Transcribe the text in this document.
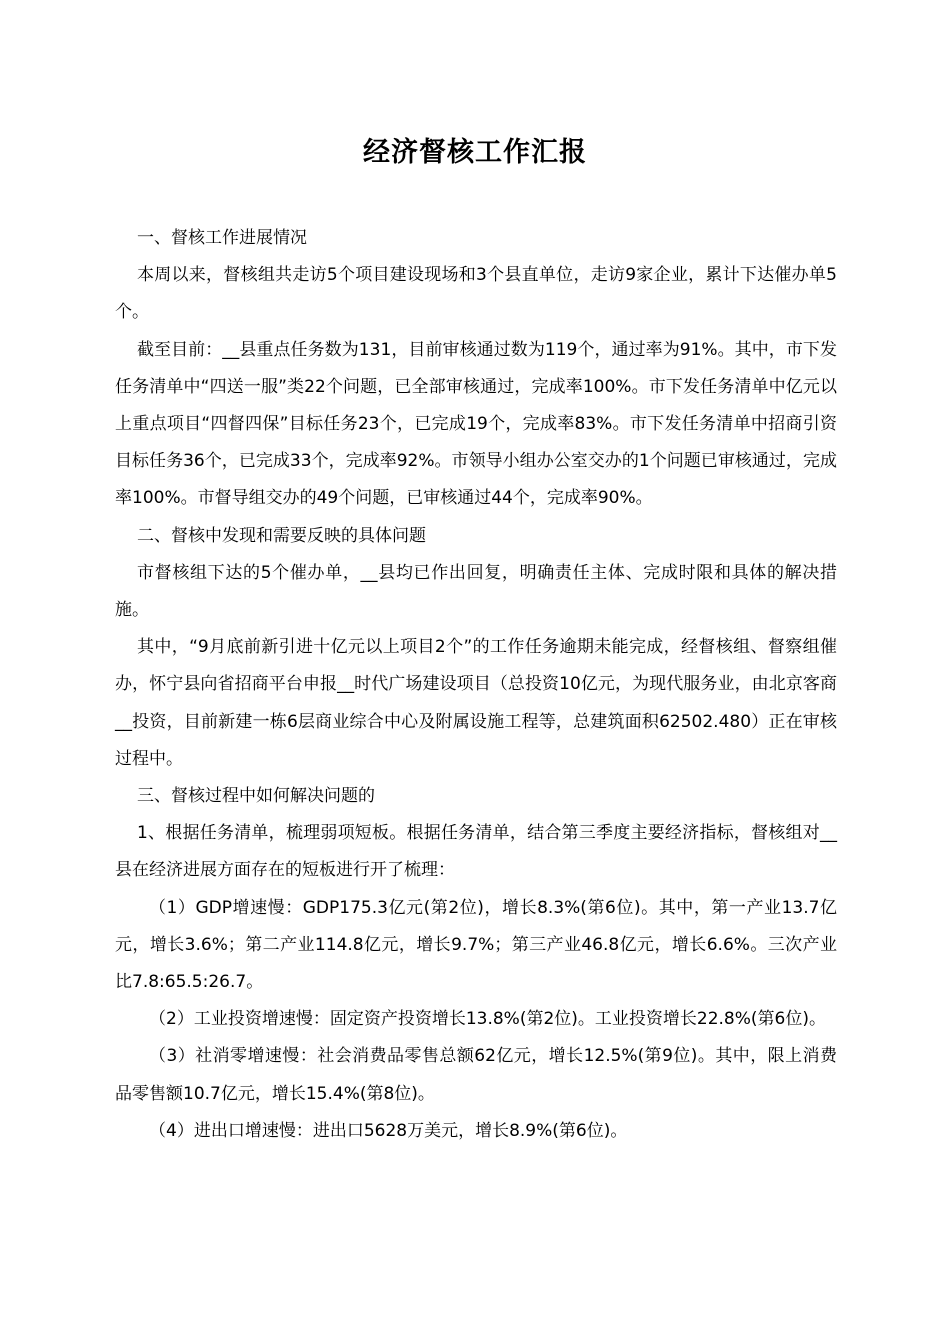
经济督核工作汇报

一、督核工作进展情况

本周以来，督核组共走访5个项目建设现场和3个县直单位，走访9家企业，累计下达催办单5个。

截至目前：__县重点任务数为131，目前审核通过数为119个，通过率为91%。其中，市下发任务清单中“四送一服”类22个问题，已全部审核通过，完成率100%。市下发任务清单中亿元以上重点项目“四督四保”目标任务23个，已完成19个，完成率83%。市下发任务清单中招商引资目标任务36个，已完成33个，完成率92%。市领导小组办公室交办的1个问题已审核通过，完成率100%。市督导组交办的49个问题，已审核通过44个，完成率90%。

二、督核中发现和需要反映的具体问题

市督核组下达的5个催办单，__县均已作出回复，明确责任主体、完成时限和具体的解决措施。

其中，“9月底前新引进十亿元以上项目2个”的工作任务逾期未能完成，经督核组、督察组催办，怀宁县向省招商平台申报__时代广场建设项目（总投资10亿元，为现代服务业，由北京客商__投资，目前新建一栋6层商业综合中心及附属设施工程等，总建筑面积62502.480）正在审核过程中。

三、督核过程中如何解决问题的

1、根据任务清单，梳理弱项短板。根据任务清单，结合第三季度主要经济指标，督核组对__县在经济进展方面存在的短板进行开了梳理：

（1）GDP增速慢：GDP175.3亿元(第2位)，增长8.3%(第6位)。其中，第一产业13.7亿元，增长3.6%；第二产业114.8亿元，增长9.7%；第三产业46.8亿元，增长6.6%。三次产业比7.8:65.5:26.7。

（2）工业投资增速慢：固定资产投资增长13.8%(第2位)。工业投资增长22.8%(第6位)。

（3）社消零增速慢：社会消费品零售总额62亿元，增长12.5%(第9位)。其中，限上消费品零售额10.7亿元，增长15.4%(第8位)。

（4）进出口增速慢：进出口5628万美元，增长8.9%(第6位)。
